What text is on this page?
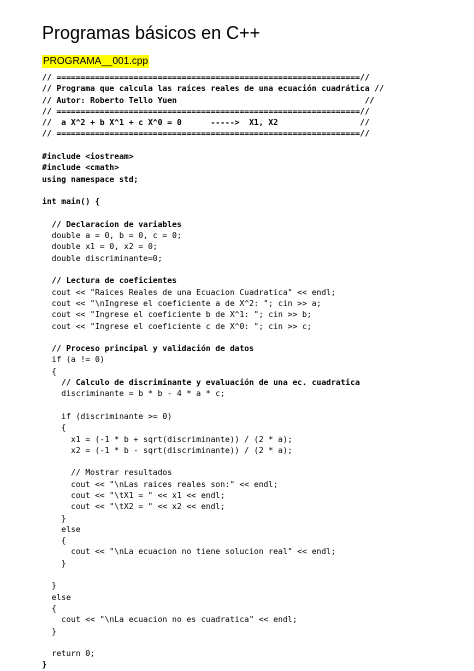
Programas básicos en C++
PROGRAMA__001.cpp
// ===============================================================//
// Programa que calcula las raíces reales de una ecuación cuadrática //
// Autor: Roberto Tello Yuen                                       //
// ===============================================================//
//  a X^2 + b X^1 + c X^0 = 0      ----->  X1, X2                 //
// ===============================================================//

#include <iostream>
#include <cmath>
using namespace std;

int main() {

// Declaracion de variables
double a = 0, b = 0, c = 0;
double x1 = 0, x2 = 0;
double discriminante=0;

// Lectura de coeficientes
cout << "Raices Reales de una Ecuacion Cuadratica" << endl;
cout << "\nIngrese el coeficiente a de X^2: "; cin >> a;
cout << "Ingrese el coeficiente b de X^1: "; cin >> b;
cout << "Ingrese el coeficiente c de X^0: "; cin >> c;

// Proceso principal y validación de datos
if (a != 0)
{
// Calculo de discriminante y evaluación de una ec. cuadratica
discriminante = b * b - 4 * a * c;

if (discriminante >= 0)
{
x1 = (-1 * b + sqrt(discriminante)) / (2 * a);
x2 = (-1 * b - sqrt(discriminante)) / (2 * a);

// Mostrar resultados
cout << "\nLas raices reales son:" << endl;
cout << "\tX1 = " << x1 << endl;
cout << "\tX2 = " << x2 << endl;
}
else
{
cout << "\nLa ecuacion no tiene solucion real" << endl;
}

}
else
{
cout << "\nLa ecuacion no es cuadratica" << endl;
}

return 0;
}
